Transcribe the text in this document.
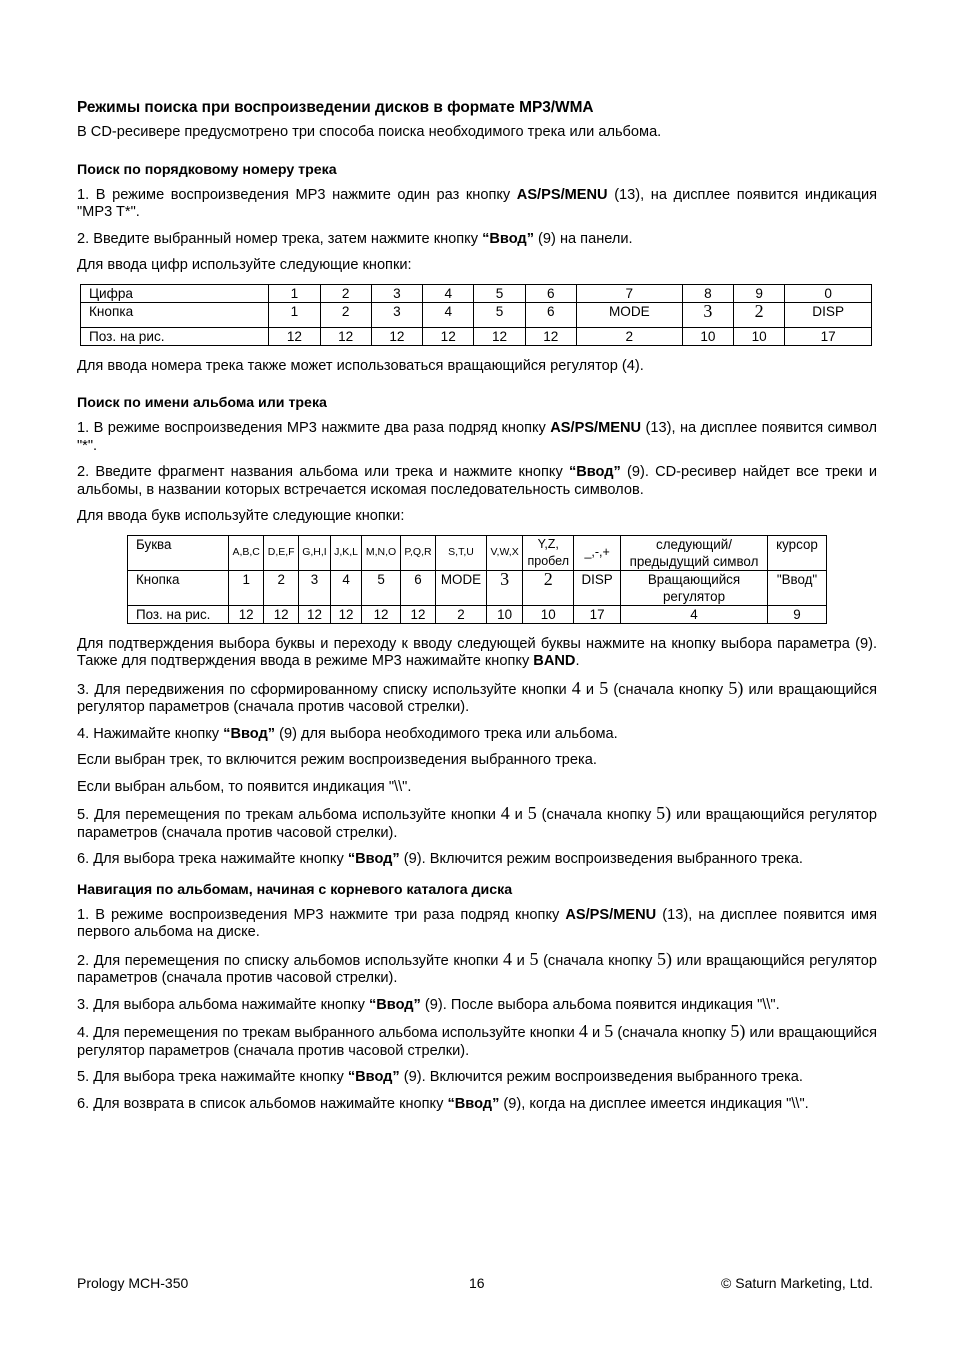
Режимы поиска при воспроизведении дисков в формате MP3/WMA

В CD-ресивере предусмотрено три способа поиска необходимого трека или альбома.

Поиск по порядковому номеру трека

1. В режиме воспроизведения MP3 нажмите один раз кнопку AS/PS/MENU (13), на дисплее появится индикация "MP3 T*".

2. Введите выбранный номер трека, затем нажмите кнопку “Ввод” (9) на панели.

Для ввода цифр используйте следующие кнопки:

Цифра	1	2	3	4	5	6	7	8	9	0
Кнопка	1	2	3	4	5	6	MODE	3	2	DISP
Поз. на рис.	12	12	12	12	12	12	2	10	10	17

Для ввода номера трека также может использоваться вращающийся регулятор (4).

Поиск по имени альбома или трека

1. В режиме воспроизведения MP3 нажмите два раза подряд кнопку AS/PS/MENU (13), на дисплее появится символ "*".

2. Введите фрагмент названия альбома или трека и нажмите кнопку “Ввод” (9). CD-ресивер найдет все треки и альбомы, в названии которых встречается искомая последовательность символов.

Для ввода букв используйте следующие кнопки:

Буква	A,B,C	D,E,F	G,H,I	J,K,L	M,N,O	P,Q,R	S,T,U	V,W,X	Y,Z, пробел	_,-,+	следующий/ предыдущий символ	курсор
Кнопка	1	2	3	4	5	6	MODE	3	2	DISP	Вращающийся регулятор	"Ввод"
Поз. на рис.	12	12	12	12	12	12	2	10	10	17	4	9

Для подтверждения выбора буквы и переходу к вводу следующей буквы нажмите на кнопку выбора параметра (9). Также для подтверждения ввода в режиме MP3 нажимайте кнопку BAND.

3. Для передвижения по сформированному списку используйте кнопки 4 и 5 (сначала кнопку 5) или вращающийся регулятор параметров (сначала против часовой стрелки).

4. Нажимайте кнопку “Ввод” (9) для выбора необходимого трека или альбома.

Если выбран трек, то включится режим воспроизведения выбранного трека.

Если выбран альбом, то появится индикация "\\".

5. Для перемещения по трекам альбома используйте кнопки 4 и 5 (сначала кнопку 5) или вращающийся регулятор параметров (сначала против часовой стрелки).

6. Для выбора трека нажимайте кнопку “Ввод” (9). Включится режим воспроизведения выбранного трека.

Навигация по альбомам, начиная с корневого каталога диска

1. В режиме воспроизведения MP3 нажмите три раза подряд кнопку AS/PS/MENU (13), на дисплее появится имя первого альбома на диске.

2. Для перемещения по списку альбомов используйте кнопки 4 и 5 (сначала кнопку 5) или вращающийся регулятор параметров (сначала против часовой стрелки).

3. Для выбора альбома нажимайте кнопку “Ввод” (9). После выбора альбома появится индикация "\\".

4. Для перемещения по трекам выбранного альбома используйте кнопки 4 и 5 (сначала кнопку 5) или вращающийся регулятор параметров (сначала против часовой стрелки).

5. Для выбора трека нажимайте кнопку “Ввод” (9). Включится режим воспроизведения выбранного трека.

6. Для возврата в список альбомов нажимайте кнопку “Ввод” (9), когда на дисплее имеется индикация "\\".

Prology MCH-350	16	© Saturn Marketing, Ltd.
